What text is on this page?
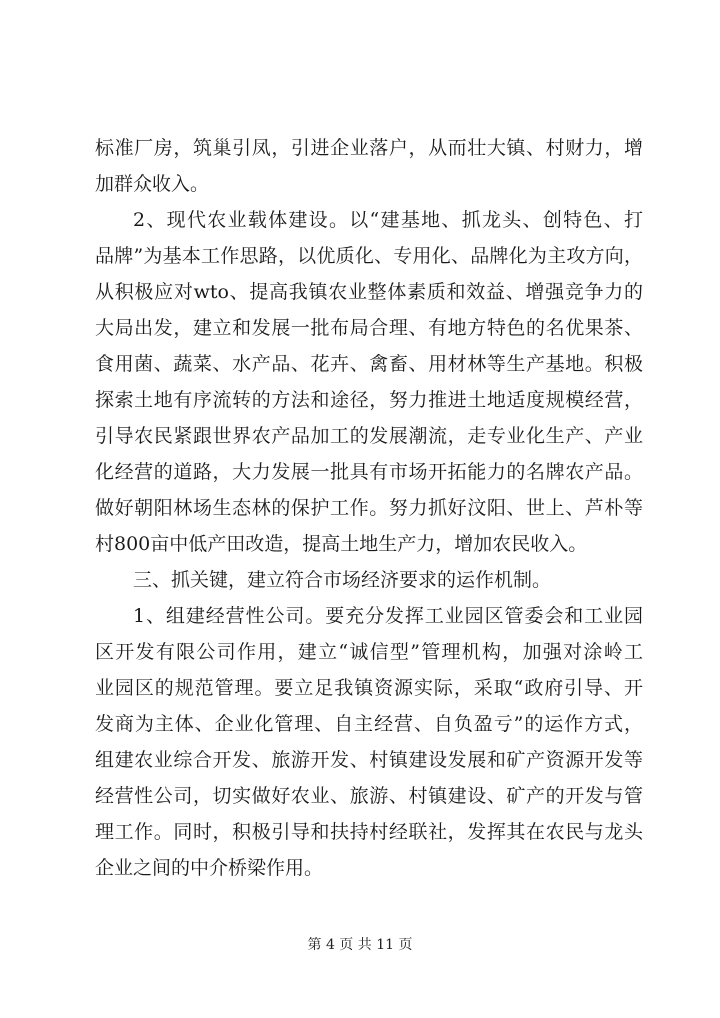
标准厂房，筑巢引凤，引进企业落户，从而壮大镇、村财力，增
加群众收入。
2、现代农业载体建设。以“建基地、抓龙头、创特色、打
品牌”为基本工作思路，以优质化、专用化、品牌化为主攻方向，
从积极应对wto、提高我镇农业整体素质和效益、增强竞争力的
大局出发，建立和发展一批布局合理、有地方特色的名优果茶、
食用菌、蔬菜、水产品、花卉、禽畜、用材林等生产基地。积极
探索土地有序流转的方法和途径，努力推进土地适度规模经营，
引导农民紧跟世界农产品加工的发展潮流，走专业化生产、产业
化经营的道路，大力发展一批具有市场开拓能力的名牌农产品。
做好朝阳林场生态林的保护工作。努力抓好汶阳、世上、芦朴等
村800亩中低产田改造，提高土地生产力，增加农民收入。
三、抓关键，建立符合市场经济要求的运作机制。
1、组建经营性公司。要充分发挥工业园区管委会和工业园
区开发有限公司作用，建立“诚信型”管理机构，加强对涂岭工
业园区的规范管理。要立足我镇资源实际，采取“政府引导、开
发商为主体、企业化管理、自主经营、自负盈亏”的运作方式，
组建农业综合开发、旅游开发、村镇建设发展和矿产资源开发等
经营性公司，切实做好农业、旅游、村镇建设、矿产的开发与管
理工作。同时，积极引导和扶持村经联社，发挥其在农民与龙头
企业之间的中介桥梁作用。
第 4 页 共 11 页
